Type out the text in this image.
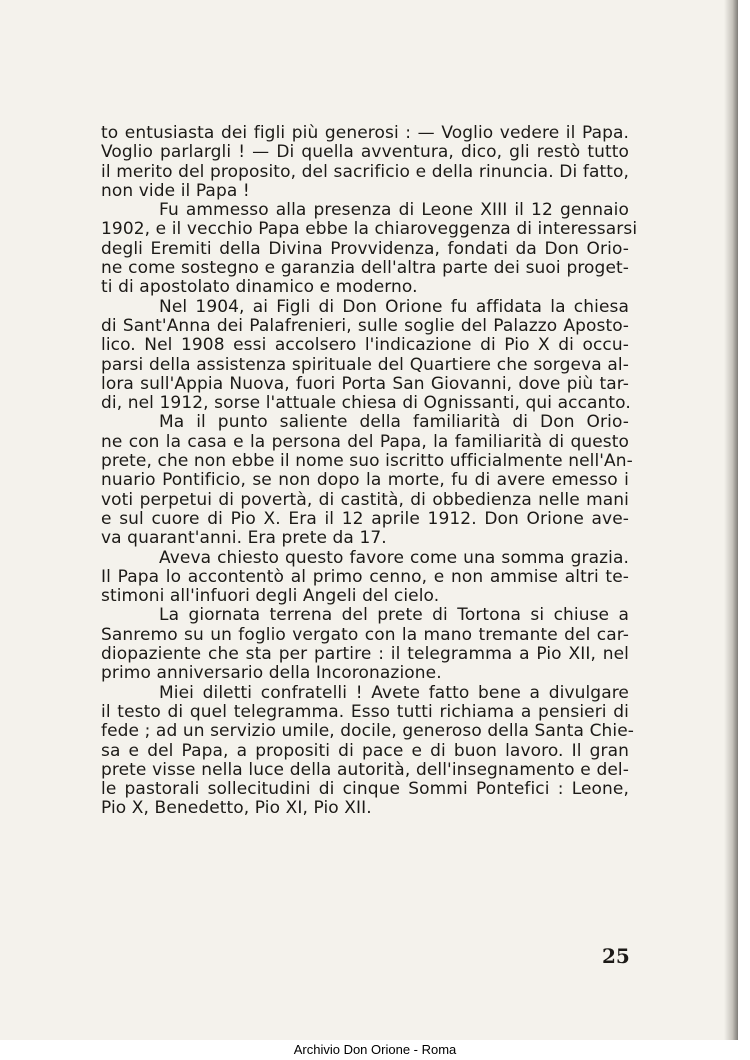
to entusiasta dei figli più generosi : — Voglio vedere il Papa.
Voglio parlargli ! — Di quella avventura, dico, gli restò tutto
il merito del proposito, del sacrificio e della rinuncia. Di fatto,
non vide il Papa !
Fu ammesso alla presenza di Leone XIII il 12 gennaio
1902, e il vecchio Papa ebbe la chiaroveggenza di interessarsi
degli Eremiti della Divina Provvidenza, fondati da Don Orio-
ne come sostegno e garanzia dell'altra parte dei suoi proget-
ti di apostolato dinamico e moderno.
Nel 1904, ai Figli di Don Orione fu affidata la chiesa
di Sant'Anna dei Palafrenieri, sulle soglie del Palazzo Apostо-
lico. Nel 1908 essi accolsero l'indicazione di Pio X di occu-
parsi della assistenza spirituale del Quartiere che sorgeva al-
lora sull'Appia Nuova, fuori Porta San Giovanni, dove più tar-
di, nel 1912, sorse l'attuale chiesa di Ognissanti, qui accanto.
Ma il punto saliente della familiarità di Don Orio-
ne con la casa e la persona del Papa, la familiarità di questo
prete, che non ebbe il nome suo iscritto ufficialmente nell'An-
nuario Pontificio, se non dopo la morte, fu di avere emesso i
voti perpetui di povertà, di castità, di obbedienza nelle mani
e sul cuore di Pio X. Era il 12 aprile 1912. Don Orione ave-
va quarant'anni. Era prete da 17.
Aveva chiesto questo favore come una somma grazia.
Il Papa lo accontentò al primo cenno, e non ammise altri te-
stimoni all'infuori degli Angeli del cielo.
La giornata terrena del prete di Tortona si chiuse a
Sanremo su un foglio vergato con la mano tremante del car-
diopaziente che sta per partire : il telegramma a Pio XII, nel
primo anniversario della Incoronazione.
Miei diletti confratelli ! Avete fatto bene a divulgare
il testo di quel telegramma. Esso tutti richiama a pensieri di
fede ; ad un servizio umile, docile, generoso della Santa Chie-
sa e del Papa, a propositi di pace e di buon lavoro. Il gran
prete visse nella luce della autorità, dell'insegnamento e del-
le pastorali sollecitudini di cinque Sommi Pontefici : Leone,
Pio X, Benedetto, Pio XI, Pio XII.
25
Archivio Don Orione - Roma
